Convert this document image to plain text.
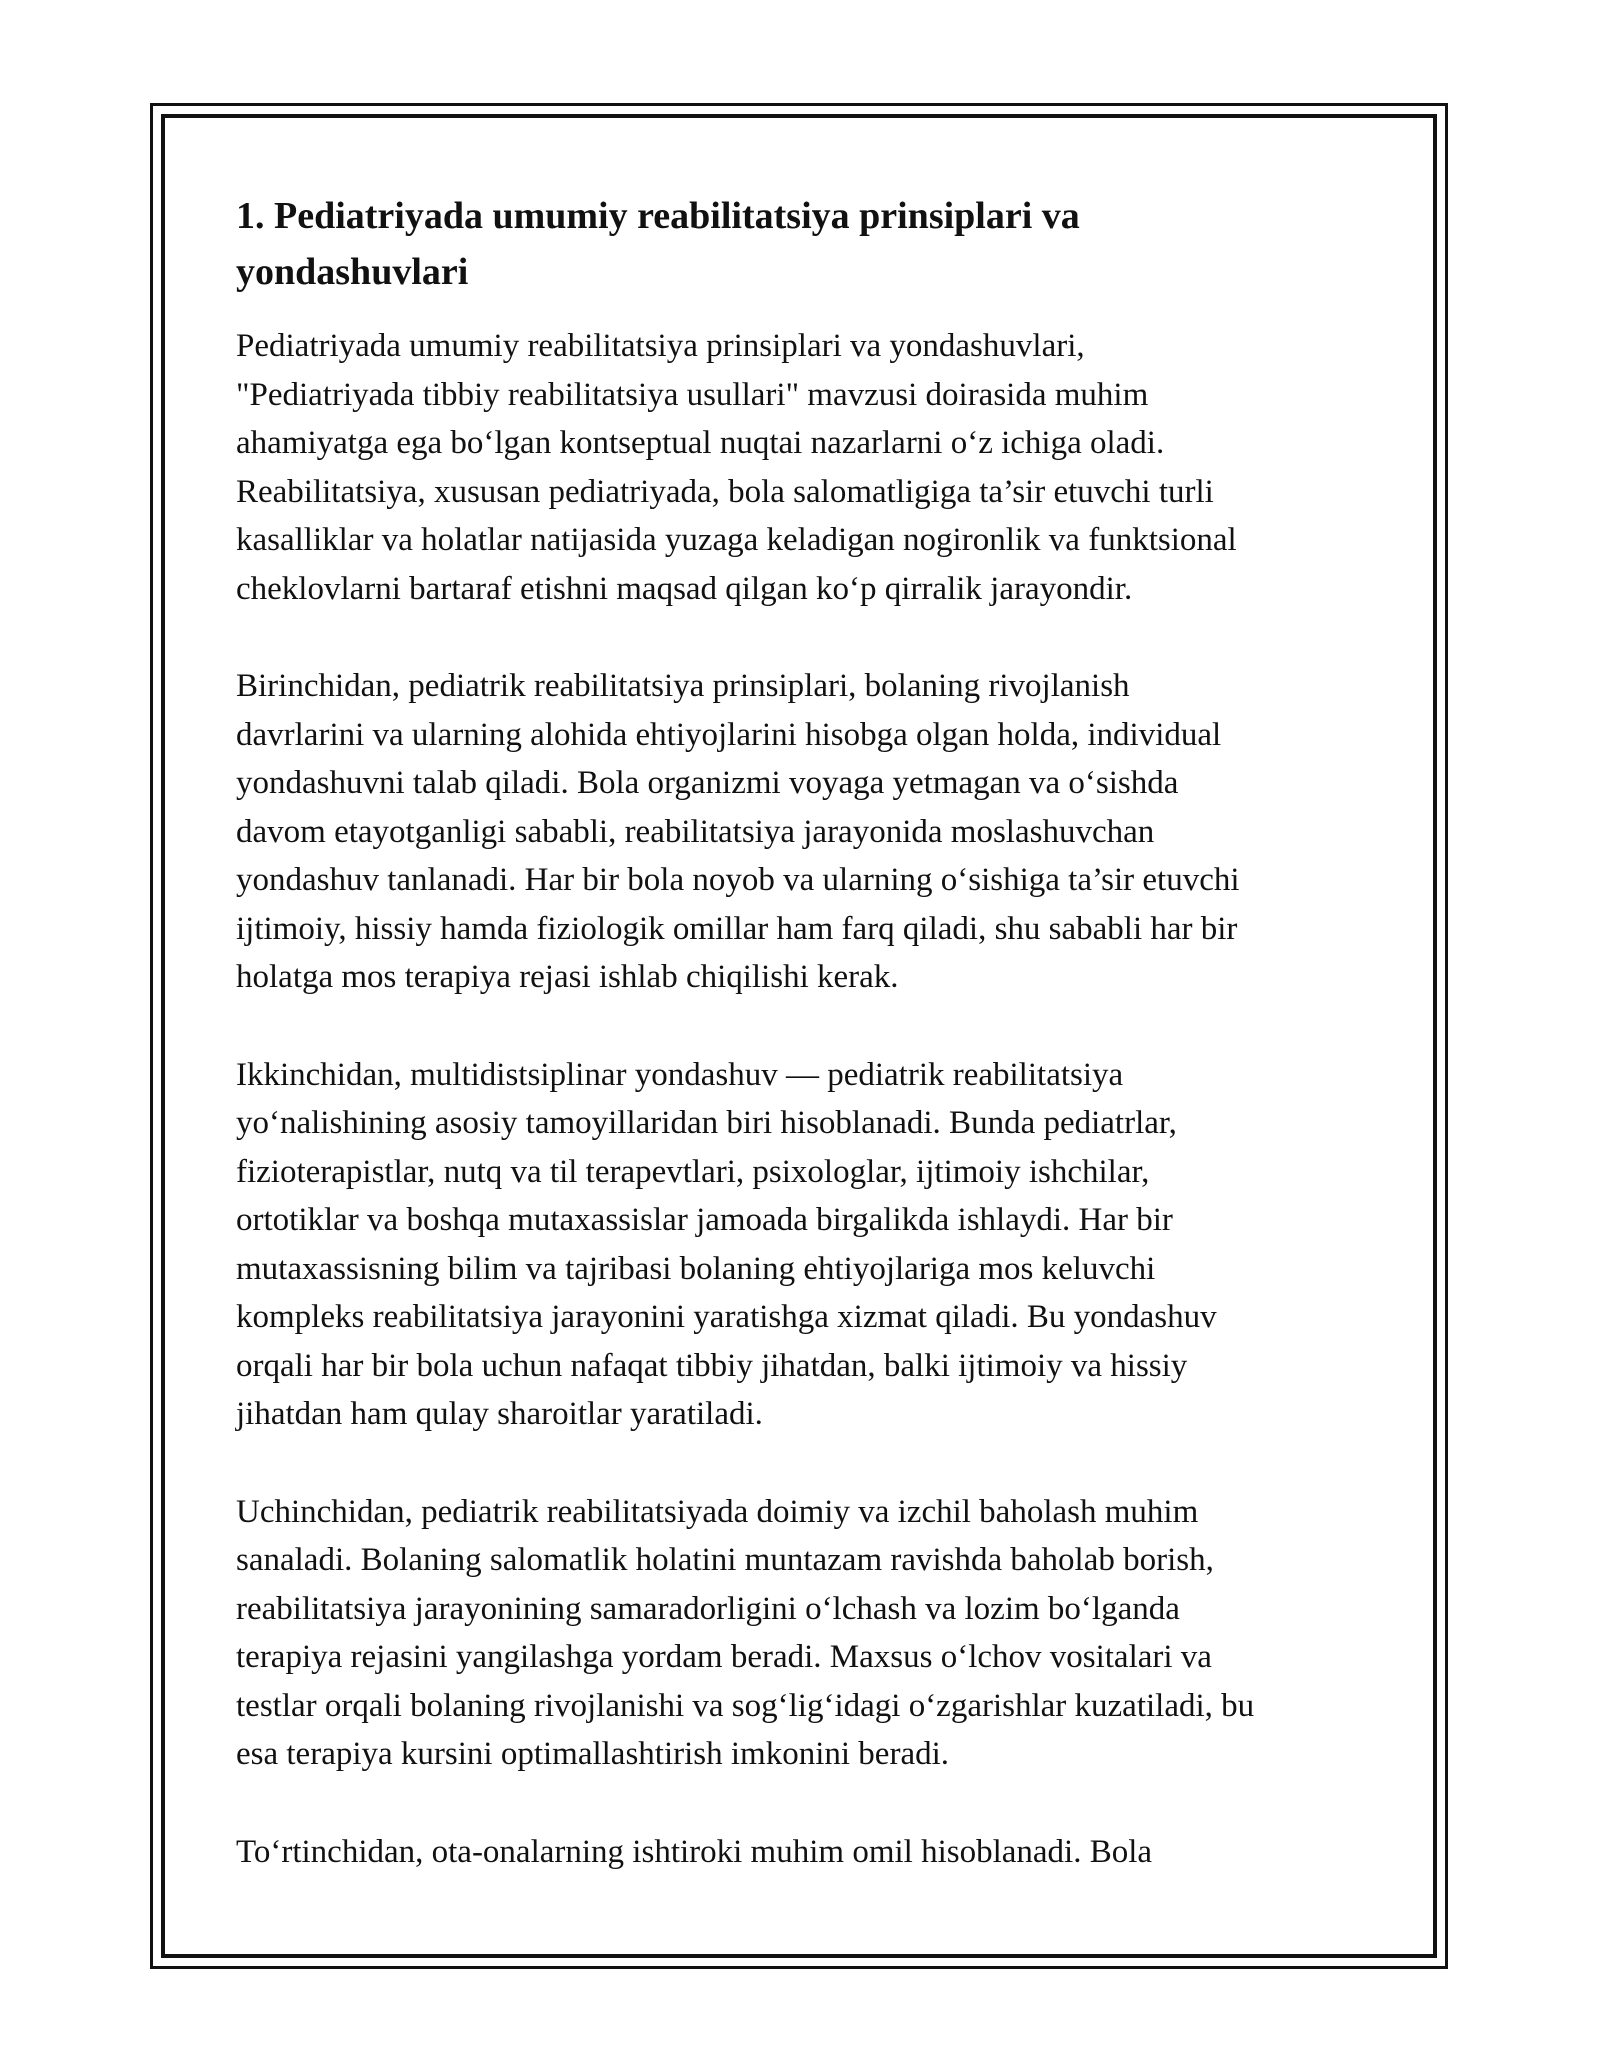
1. Pediatriyada umumiy reabilitatsiya prinsiplari va
yondashuvlari

Pediatriyada umumiy reabilitatsiya prinsiplari va yondashuvlari,
"Pediatriyada tibbiy reabilitatsiya usullari" mavzusi doirasida muhim
ahamiyatga ega bo‘lgan kontseptual nuqtai nazarlarni o‘z ichiga oladi.
Reabilitatsiya, xususan pediatriyada, bola salomatligiga ta’sir etuvchi turli
kasalliklar va holatlar natijasida yuzaga keladigan nogironlik va funktsional
cheklovlarni bartaraf etishni maqsad qilgan ko‘p qirralik jarayondir.

Birinchidan, pediatrik reabilitatsiya prinsiplari, bolaning rivojlanish
davrlarini va ularning alohida ehtiyojlarini hisobga olgan holda, individual
yondashuvni talab qiladi. Bola organizmi voyaga yetmagan va o‘sishda
davom etayotganligi sababli, reabilitatsiya jarayonida moslashuvchan
yondashuv tanlanadi. Har bir bola noyob va ularning o‘sishiga ta’sir etuvchi
ijtimoiy, hissiy hamda fiziologik omillar ham farq qiladi, shu sababli har bir
holatga mos terapiya rejasi ishlab chiqilishi kerak.

Ikkinchidan, multidistsiplinar yondashuv — pediatrik reabilitatsiya
yo‘nalishining asosiy tamoyillaridan biri hisoblanadi. Bunda pediatrlar,
fizioterapistlar, nutq va til terapevtlari, psixologlar, ijtimoiy ishchilar,
ortotiklar va boshqa mutaxassislar jamoada birgalikda ishlaydi. Har bir
mutaxassisning bilim va tajribasi bolaning ehtiyojlariga mos keluvchi
kompleks reabilitatsiya jarayonini yaratishga xizmat qiladi. Bu yondashuv
orqali har bir bola uchun nafaqat tibbiy jihatdan, balki ijtimoiy va hissiy
jihatdan ham qulay sharoitlar yaratiladi.

Uchinchidan, pediatrik reabilitatsiyada doimiy va izchil baholash muhim
sanaladi. Bolaning salomatlik holatini muntazam ravishda baholab borish,
reabilitatsiya jarayonining samaradorligini o‘lchash va lozim bo‘lganda
terapiya rejasini yangilashga yordam beradi. Maxsus o‘lchov vositalari va
testlar orqali bolaning rivojlanishi va sog‘lig‘idagi o‘zgarishlar kuzatiladi, bu
esa terapiya kursini optimallashtirish imkonini beradi.

To‘rtinchidan, ota-onalarning ishtiroki muhim omil hisoblanadi. Bola
